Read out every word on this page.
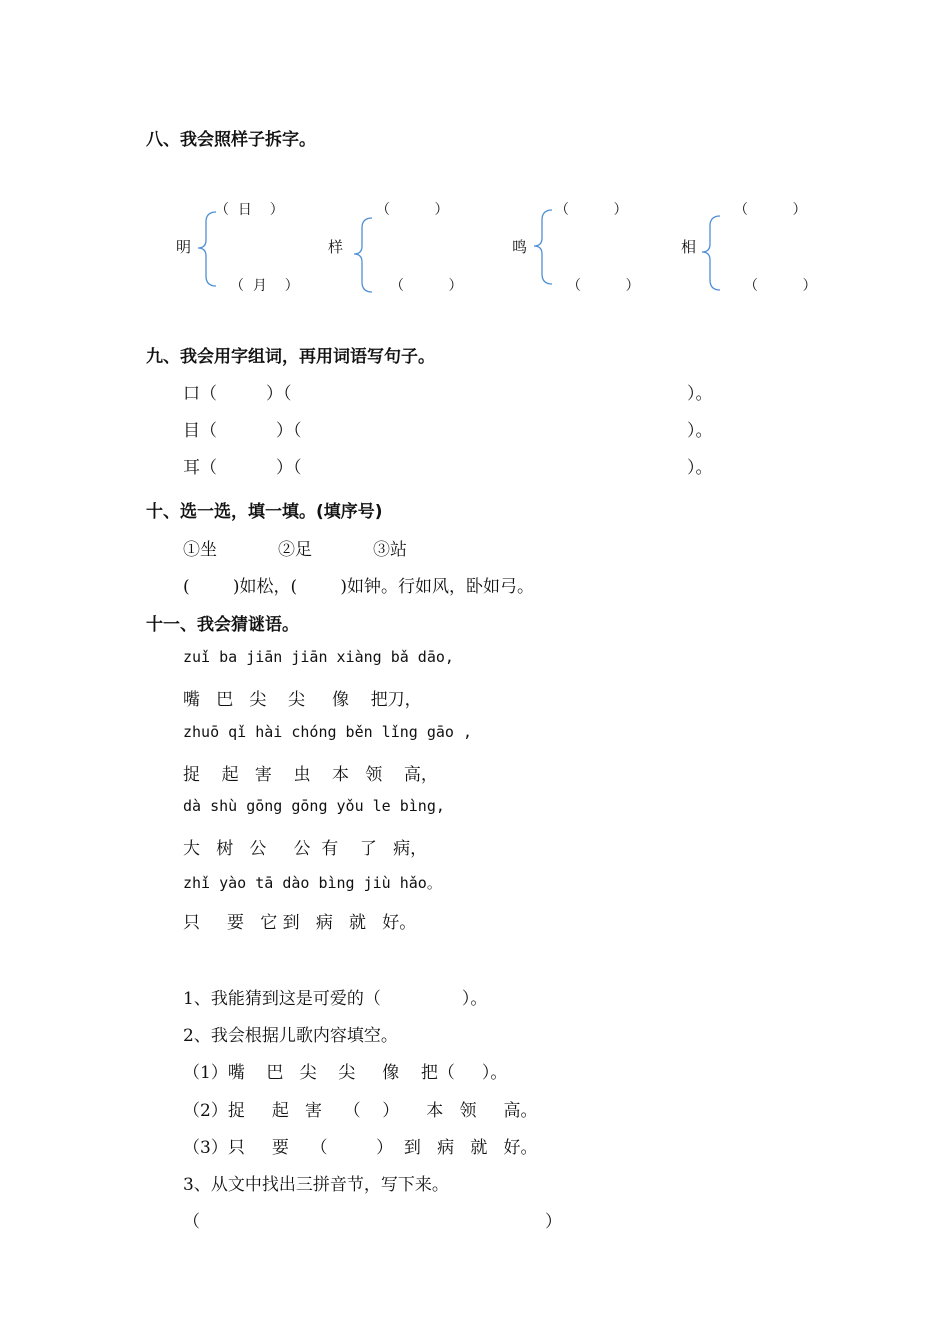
八、我会照样子拆字。
（  日    ）
明
（  月    ）
（          ）
样
（          ）
（          ）
鸣
（          ）
（          ）
相
（          ）
九、我会用字组词，再用词语写句子。
口（	）（	）。
目（	）（	）。
耳（	）（	）。
十、选一选，填一填。(填序号)
①坐	②足	③站
(        )如松，(        )如钟。行如风，卧如弓。
十一、我会猜谜语。
zuǐ ba jiān jiān xiàng bǎ dāo,
嘴   巴   尖    尖     像    把刀，
zhuō qǐ hài chóng běn lǐng gāo ,
捉    起   害    虫    本   领    高，
dà shù gōng gōng yǒu le bìng,
大   树   公     公  有    了   病，
zhǐ yào tā dào bìng jiù hǎo。
只     要   它 到   病   就   好。
1、我能猜到这是可爱的（               ）。
2、我会根据儿歌内容填空。
（1）嘴    巴   尖    尖     像    把（     ）。
（2）捉     起   害    （    ）     本   领     高。
（3）只     要    （         ）  到   病   就   好。
3、从文中找出三拼音节，写下来。
（	）
